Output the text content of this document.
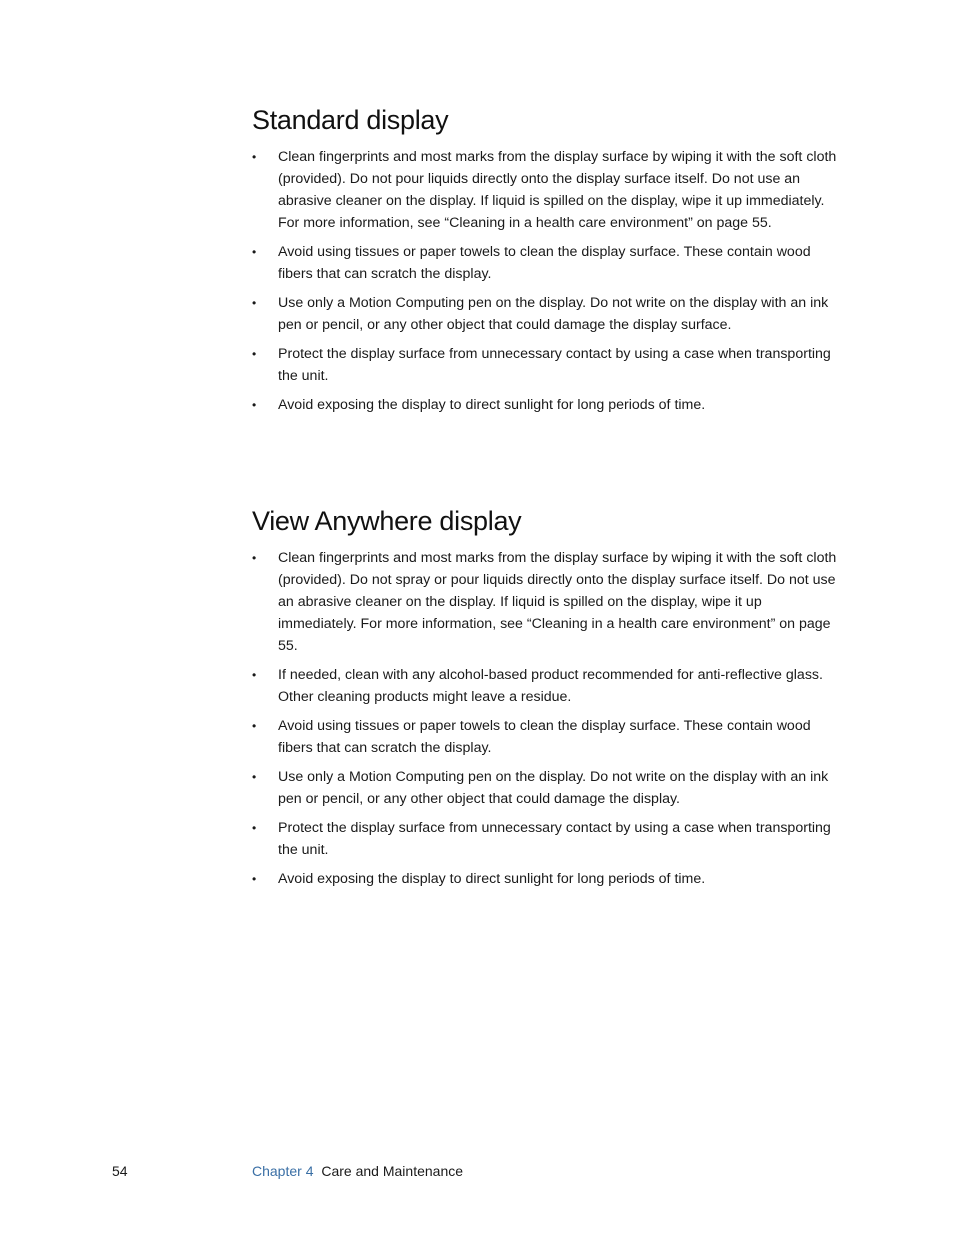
Standard display
•	Clean fingerprints and most marks from the display surface by wiping it with the soft cloth (provided). Do not pour liquids directly onto the display surface itself. Do not use an abrasive cleaner on the display. If liquid is spilled on the display, wipe it up immediately. For more information, see “Cleaning in a health care environment” on page 55.
•	Avoid using tissues or paper towels to clean the display surface. These contain wood fibers that can scratch the display.
•	Use only a Motion Computing pen on the display. Do not write on the display with an ink pen or pencil, or any other object that could damage the display surface.
•	Protect the display surface from unnecessary contact by using a case when transporting the unit.
•	Avoid exposing the display to direct sunlight for long periods of time.
View Anywhere display
•	Clean fingerprints and most marks from the display surface by wiping it with the soft cloth (provided). Do not spray or pour liquids directly onto the display surface itself. Do not use an abrasive cleaner on the display. If liquid is spilled on the display, wipe it up immediately. For more information, see “Cleaning in a health care environment” on page 55.
•	If needed, clean with any alcohol-based product recommended for anti-reflective glass. Other cleaning products might leave a residue.
•	Avoid using tissues or paper towels to clean the display surface. These contain wood fibers that can scratch the display.
•	Use only a Motion Computing pen on the display. Do not write on the display with an ink pen or pencil, or any other object that could damage the display.
•	Protect the display surface from unnecessary contact by using a case when transporting the unit.
•	Avoid exposing the display to direct sunlight for long periods of time.
54	Chapter 4 Care and Maintenance
